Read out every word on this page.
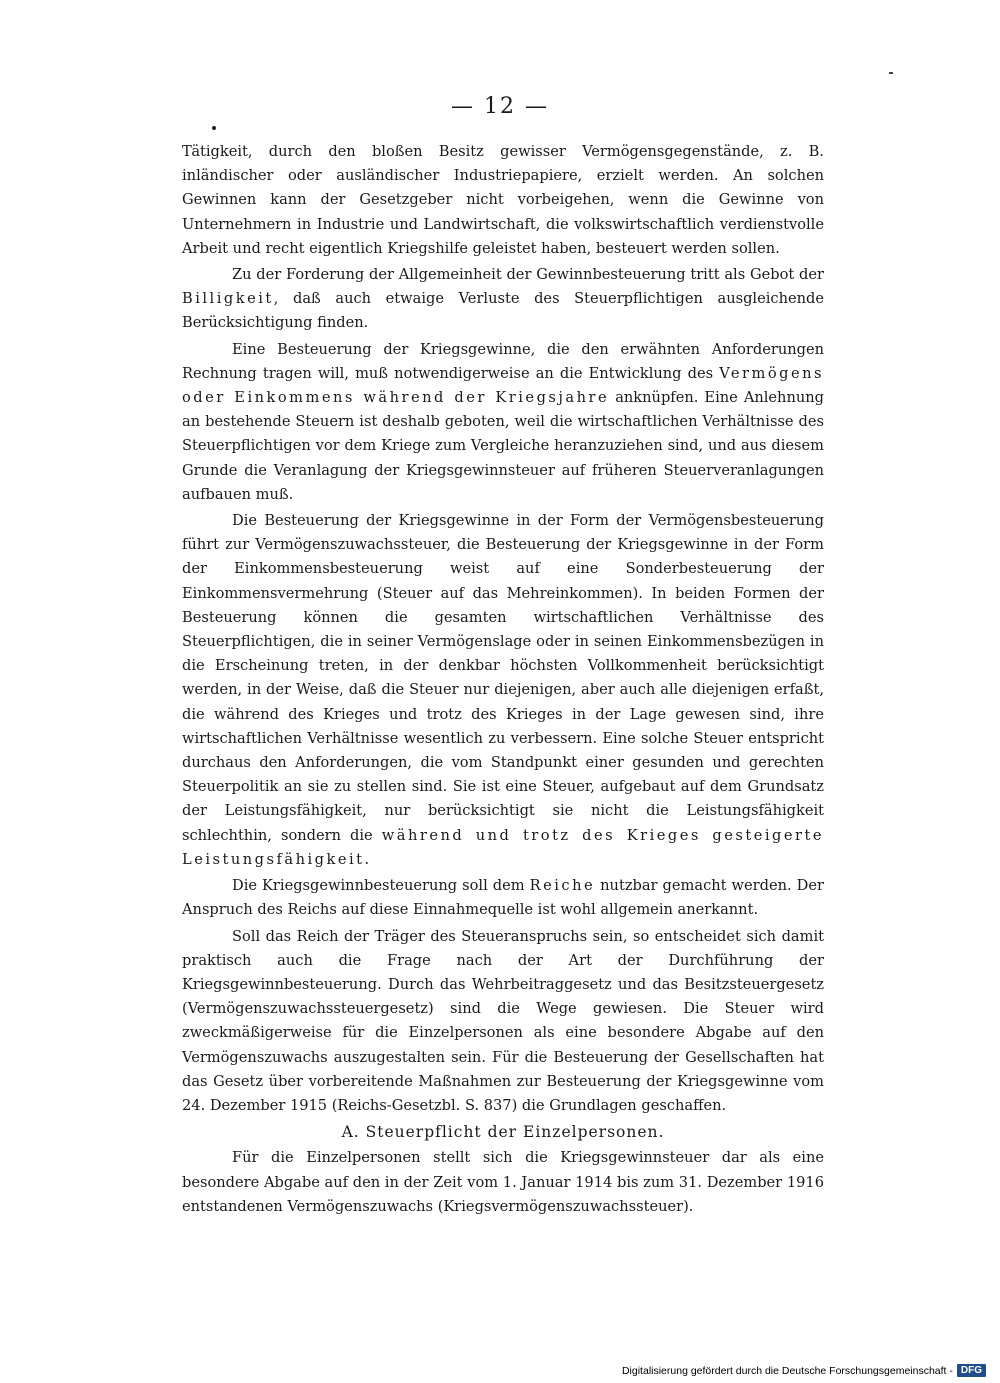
— 12 —

Tätigkeit, durch den bloßen Besitz gewisser Vermögensgegenstände, z. B. inländischer oder ausländischer Industriepapiere, erzielt werden. An solchen Gewinnen kann der Gesetzgeber nicht vorbeigehen, wenn die Gewinne von Unternehmern in Industrie und Landwirtschaft, die volkswirtschaftlich verdienstvolle Arbeit und recht eigentlich Kriegshilfe geleistet haben, besteuert werden sollen.

Zu der Forderung der Allgemeinheit der Gewinnbesteuerung tritt als Gebot der Billigkeit, daß auch etwaige Verluste des Steuerpflichtigen ausgleichende Berücksichtigung finden.

Eine Besteuerung der Kriegsgewinne, die den erwähnten Anforderungen Rechnung tragen will, muß notwendigerweise an die Entwicklung des Vermögens oder Einkommens während der Kriegsjahre anknüpfen. Eine Anlehnung an bestehende Steuern ist deshalb geboten, weil die wirtschaftlichen Verhältnisse des Steuerpflichtigen vor dem Kriege zum Vergleiche heranzuziehen sind, und aus diesem Grunde die Veranlagung der Kriegsgewinnsteuer auf früheren Steuerveranlagungen aufbauen muß.

Die Besteuerung der Kriegsgewinne in der Form der Vermögensbesteuerung führt zur Vermögenszuwachssteuer, die Besteuerung der Kriegsgewinne in der Form der Einkommensbesteuerung weist auf eine Sonderbesteuerung der Einkommensvermehrung (Steuer auf das Mehreinkommen). In beiden Formen der Besteuerung können die gesamten wirtschaftlichen Verhältnisse des Steuerpflichtigen, die in seiner Vermögenslage oder in seinen Einkommensbezügen in die Erscheinung treten, in der denkbar höchsten Vollkommenheit berücksichtigt werden, in der Weise, daß die Steuer nur diejenigen, aber auch alle diejenigen erfaßt, die während des Krieges und trotz des Krieges in der Lage gewesen sind, ihre wirtschaftlichen Verhältnisse wesentlich zu verbessern. Eine solche Steuer entspricht durchaus den Anforderungen, die vom Standpunkt einer gesunden und gerechten Steuerpolitik an sie zu stellen sind. Sie ist eine Steuer, aufgebaut auf dem Grundsatz der Leistungsfähigkeit, nur berücksichtigt sie nicht die Leistungsfähigkeit schlechthin, sondern die während und trotz des Krieges gesteigerte Leistungsfähigkeit.

Die Kriegsgewinnbesteuerung soll dem Reiche nutzbar gemacht werden. Der Anspruch des Reichs auf diese Einnahmequelle ist wohl allgemein anerkannt.

Soll das Reich der Träger des Steueranspruchs sein, so entscheidet sich damit praktisch auch die Frage nach der Art der Durchführung der Kriegsgewinnbesteuerung. Durch das Wehrbeitraggesetz und das Besitzsteuergesetz (Vermögenszuwachssteuergesetz) sind die Wege gewiesen. Die Steuer wird zweckmäßigerweise für die Einzelpersonen als eine besondere Abgabe auf den Vermögenszuwachs auszugestalten sein. Für die Besteuerung der Gesellschaften hat das Gesetz über vorbereitende Maßnahmen zur Besteuerung der Kriegsgewinne vom 24. Dezember 1915 (Reichs-Gesetzbl. S. 837) die Grundlagen geschaffen.

A. Steuerpflicht der Einzelpersonen.

Für die Einzelpersonen stellt sich die Kriegsgewinnsteuer dar als eine besondere Abgabe auf den in der Zeit vom 1. Januar 1914 bis zum 31. Dezember 1916 entstandenen Vermögenszuwachs (Kriegsvermögenszuwachssteuer).

Digitalisierung gefördert durch die Deutsche Forschungsgemeinschaft - DFG
